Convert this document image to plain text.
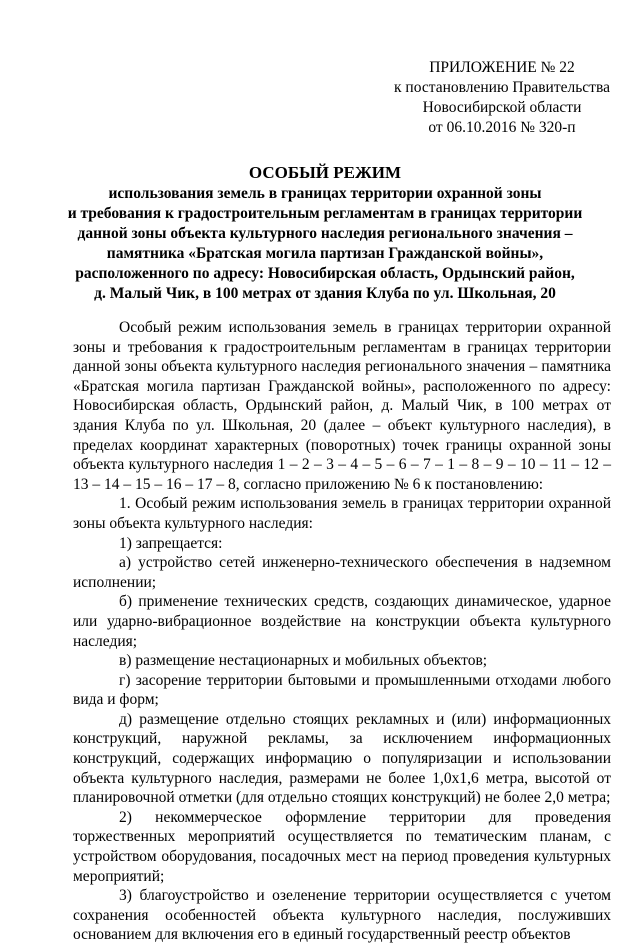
ПРИЛОЖЕНИЕ № 22
к постановлению Правительства
Новосибирской области
от 06.10.2016 № 320-п
ОСОБЫЙ РЕЖИМ
использования земель в границах территории охранной зоны
и требования к градостроительным регламентам в границах территории
данной зоны объекта культурного наследия регионального значения –
памятника «Братская могила партизан Гражданской войны»,
расположенного по адресу: Новосибирская область, Ордынский район,
д. Малый Чик, в 100 метрах от здания Клуба по ул. Школьная, 20

Особый режим использования земель в границах территории охранной зоны и требования к градостроительным регламентам в границах территории данной зоны объекта культурного наследия регионального значения – памятника «Братская могила партизан Гражданской войны», расположенного по адресу: Новосибирская область, Ордынский район, д. Малый Чик, в 100 метрах от здания Клуба по ул. Школьная, 20 (далее – объект культурного наследия), в пределах координат характерных (поворотных) точек границы охранной зоны объекта культурного наследия 1 – 2 – 3 – 4 – 5 – 6 – 7 – 1 – 8 – 9 – 10 – 11 – 12 – 13 – 14 – 15 – 16 – 17 – 8, согласно приложению № 6 к постановлению:

1. Особый режим использования земель в границах территории охранной зоны объекта культурного наследия:

1) запрещается:

а) устройство сетей инженерно-технического обеспечения в надземном исполнении;

б) применение технических средств, создающих динамическое, ударное или ударно-вибрационное воздействие на конструкции объекта культурного наследия;

в) размещение нестационарных и мобильных объектов;

г) засорение территории бытовыми и промышленными отходами любого вида и форм;

д) размещение отдельно стоящих рекламных и (или) информационных конструкций, наружной рекламы, за исключением информационных конструкций, содержащих информацию о популяризации и использовании объекта культурного наследия, размерами не более 1,0х1,6 метра, высотой от планировочной отметки (для отдельно стоящих конструкций) не более 2,0 метра;

2) некоммерческое оформление территории для проведения торжественных мероприятий осуществляется по тематическим планам, с устройством оборудования, посадочных мест на период проведения культурных мероприятий;

3) благоустройство и озеленение территории осуществляется с учетом сохранения особенностей объекта культурного наследия, послуживших основанием для включения его в единый государственный реестр объектов
